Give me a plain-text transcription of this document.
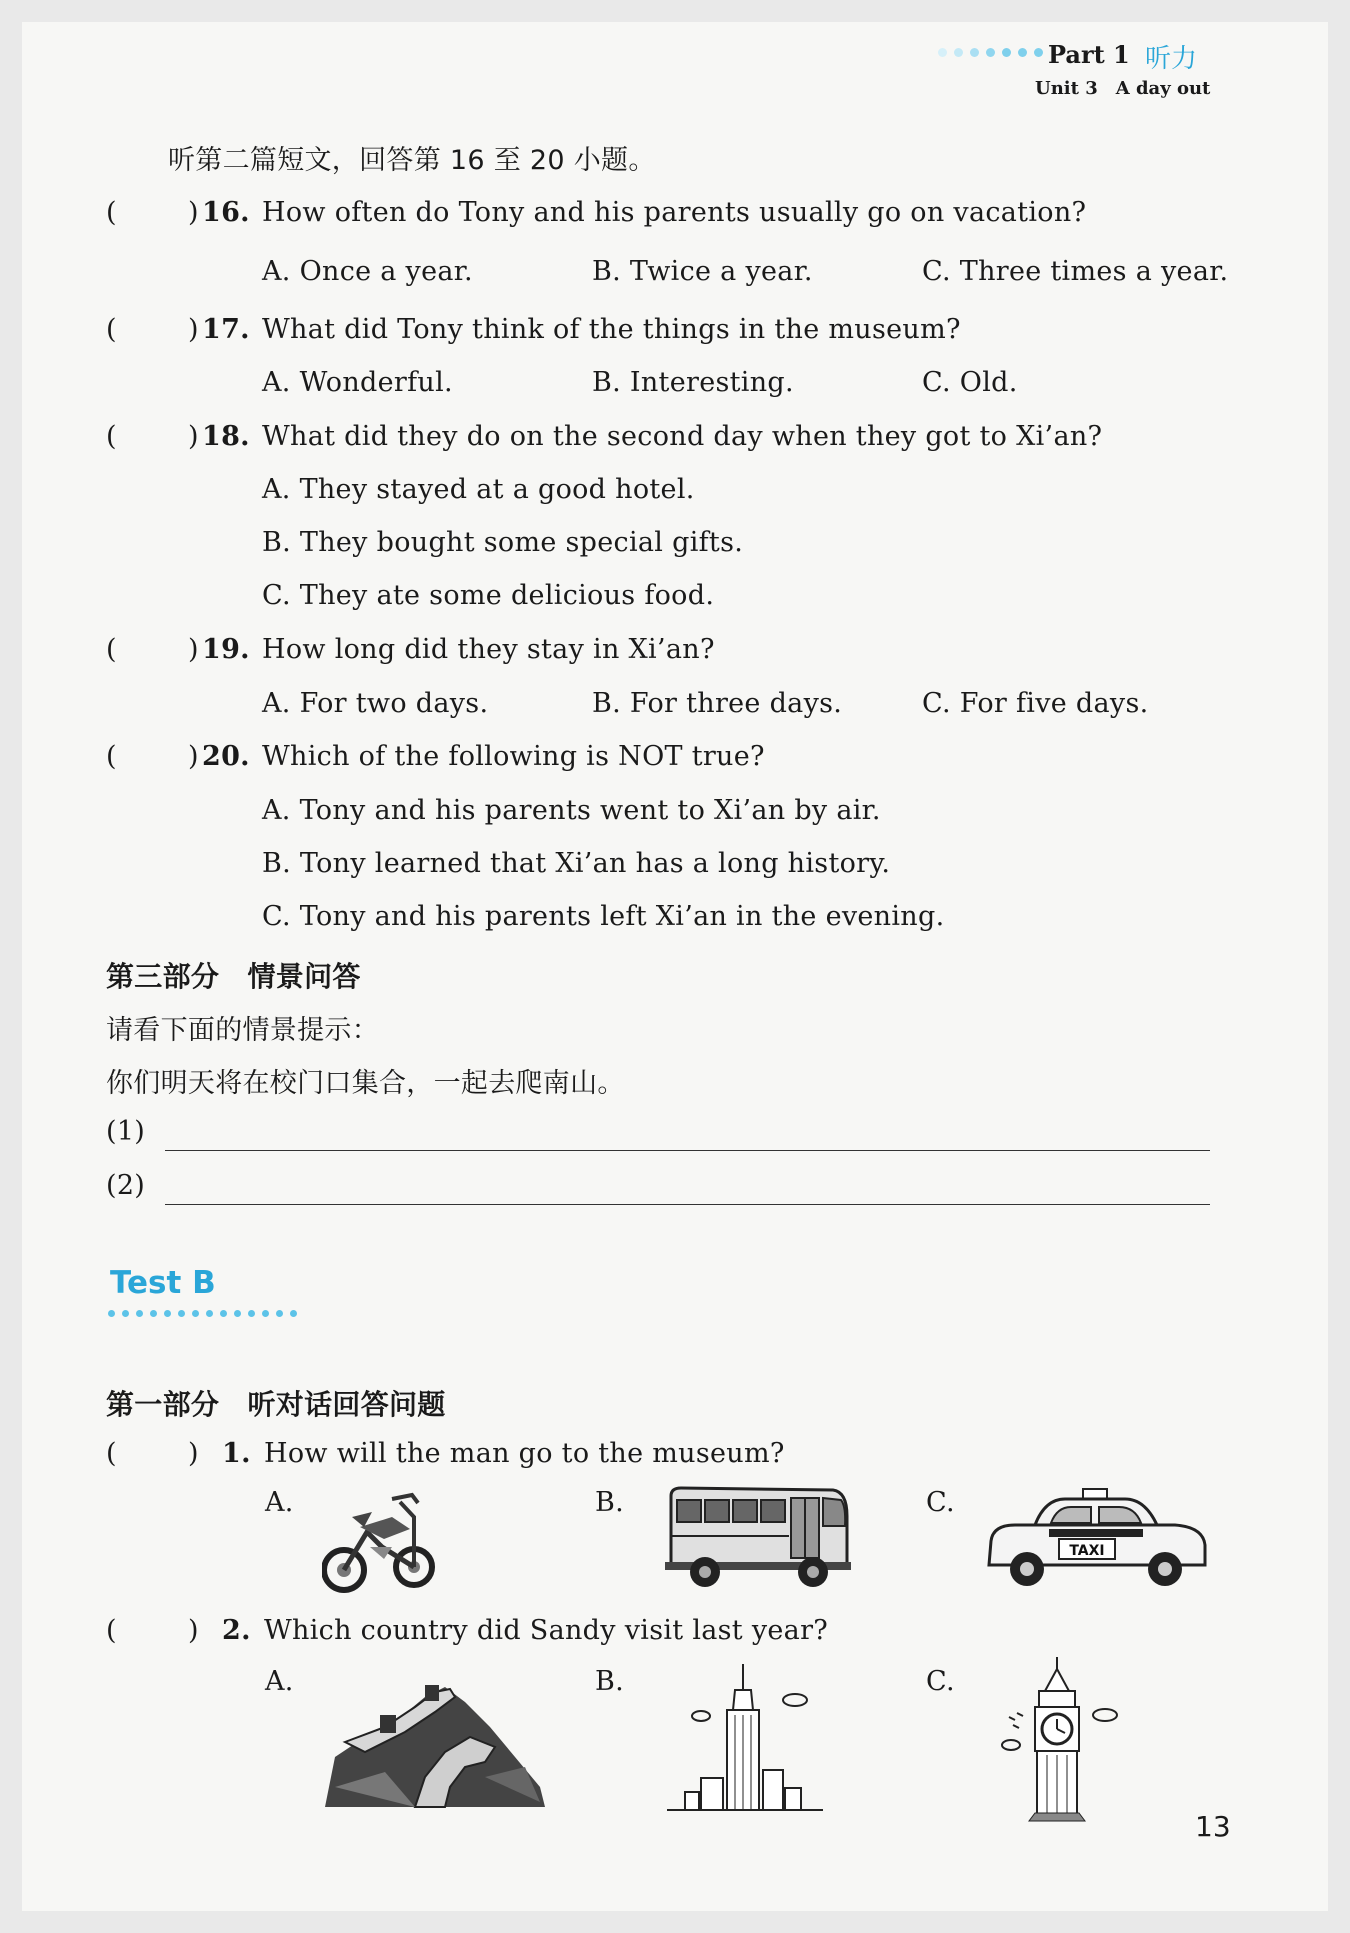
Part 1 听力
Unit 3 A day out
听第二篇短文，回答第 16 至 20 小题。
(	) 16. How often do Tony and his parents usually go on vacation?
A. Once a year.	B. Twice a year.	C. Three times a year.
(	) 17. What did Tony think of the things in the museum?
A. Wonderful.	B. Interesting.	C. Old.
(	) 18. What did they do on the second day when they got to Xi’an?
A. They stayed at a good hotel.
B. They bought some special gifts.
C. They ate some delicious food.
(	) 19. How long did they stay in Xi’an?
A. For two days.	B. For three days.	C. For five days.
(	) 20. Which of the following is NOT true?
A. Tony and his parents went to Xi’an by air.
B. Tony learned that Xi’an has a long history.
C. Tony and his parents left Xi’an in the evening.
第三部分　情景问答
请看下面的情景提示：
你们明天将在校门口集合，一起去爬南山。
(1)
(2)
Test B
第一部分　听对话回答问题
(	) 1. How will the man go to the museum?
A.	B.	C.
TAXI
(	) 2. Which country did Sandy visit last year?
A.	B.	C.
13
